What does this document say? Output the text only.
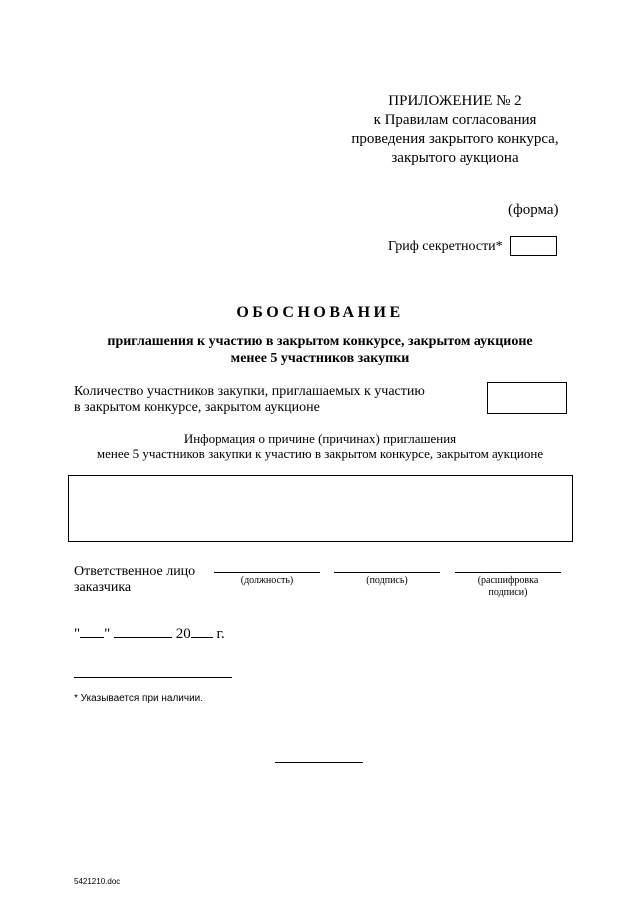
ПРИЛОЖЕНИЕ № 2
к Правилам согласования
проведения закрытого конкурса,
закрытого аукциона
(форма)
Гриф секретности*
ОБОСНОВАНИЕ
приглашения к участию в закрытом конкурсе, закрытом аукционе
менее 5 участников закупки
Количество участников закупки, приглашаемых к участию
в закрытом конкурсе, закрытом аукционе
Информация о причине (причинах) приглашения
менее 5 участников закупки к участию в закрытом конкурсе, закрытом аукционе
Ответственное лицо
заказчика	(должность)	(подпись)	(расшифровка
подписи)
" "	20 г.
* Указывается при наличии.
5421210.doc
